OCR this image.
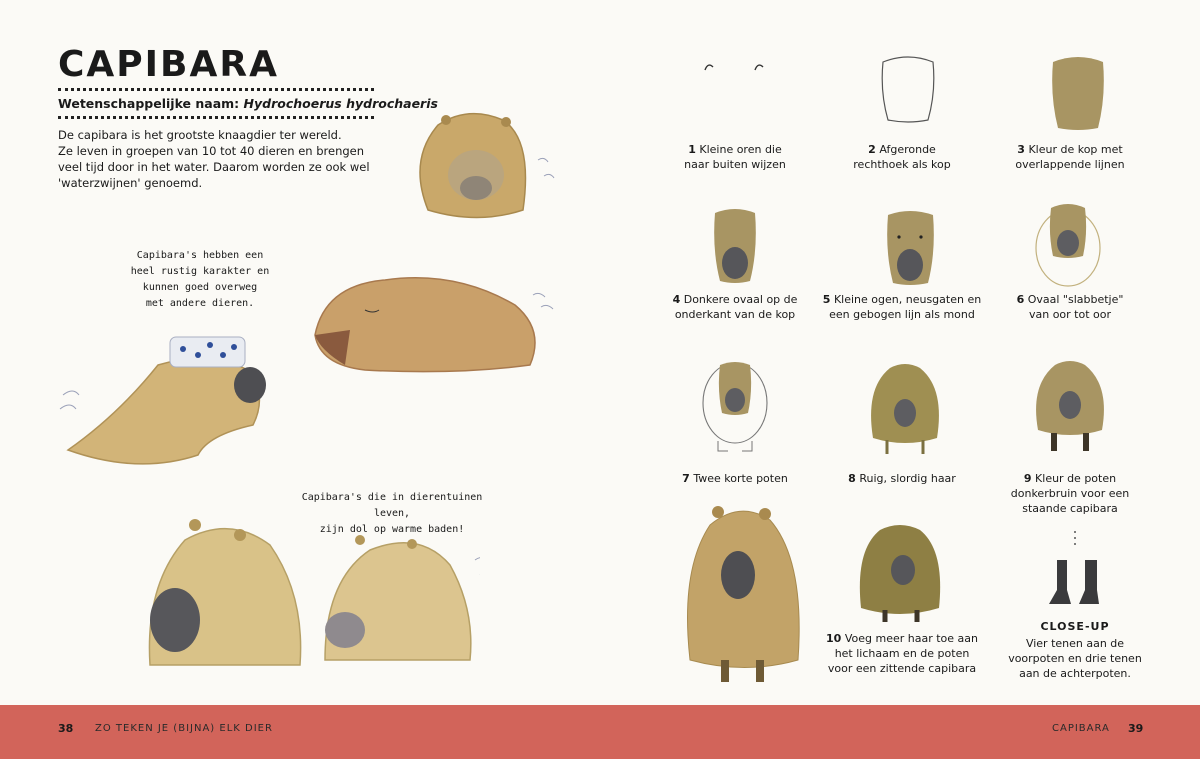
CAPIBARA
Wetenschappelijke naam: Hydrochoerus hydrochaeris

De capibara is het grootste knaagdier ter wereld.
Ze leven in groepen van 10 tot 40 dieren en brengen
veel tijd door in het water. Daarom worden ze ook wel
'waterzwijnen' genoemd.

Capibara's hebben een
heel rustig karakter en
kunnen goed overweg
met andere dieren.
Capibara's die in dierentuinen leven,
zijn dol op warme baden!
1 Kleine oren die
naar buiten wijzen
2 Afgeronde
rechthoek als kop
3 Kleur de kop met
overlappende lijnen
4 Donkere ovaal op de
onderkant van de kop
5 Kleine ogen, neusgaten en
een gebogen lijn als mond
6 Ovaal "slabbetje"
van oor tot oor
7 Twee korte poten	8 Ruig, slordig haar	9 Kleur de poten
donkerbruin voor een
staande capibara
10 Voeg meer haar toe aan
het lichaam en de poten
voor een zittende capibara
CLOSE-UP
Vier tenen aan de
voorpoten en drie tenen
aan de achterpoten.
38 ZO TEKEN JE (BIJNA) ELK DIER	CAPIBARA 39
